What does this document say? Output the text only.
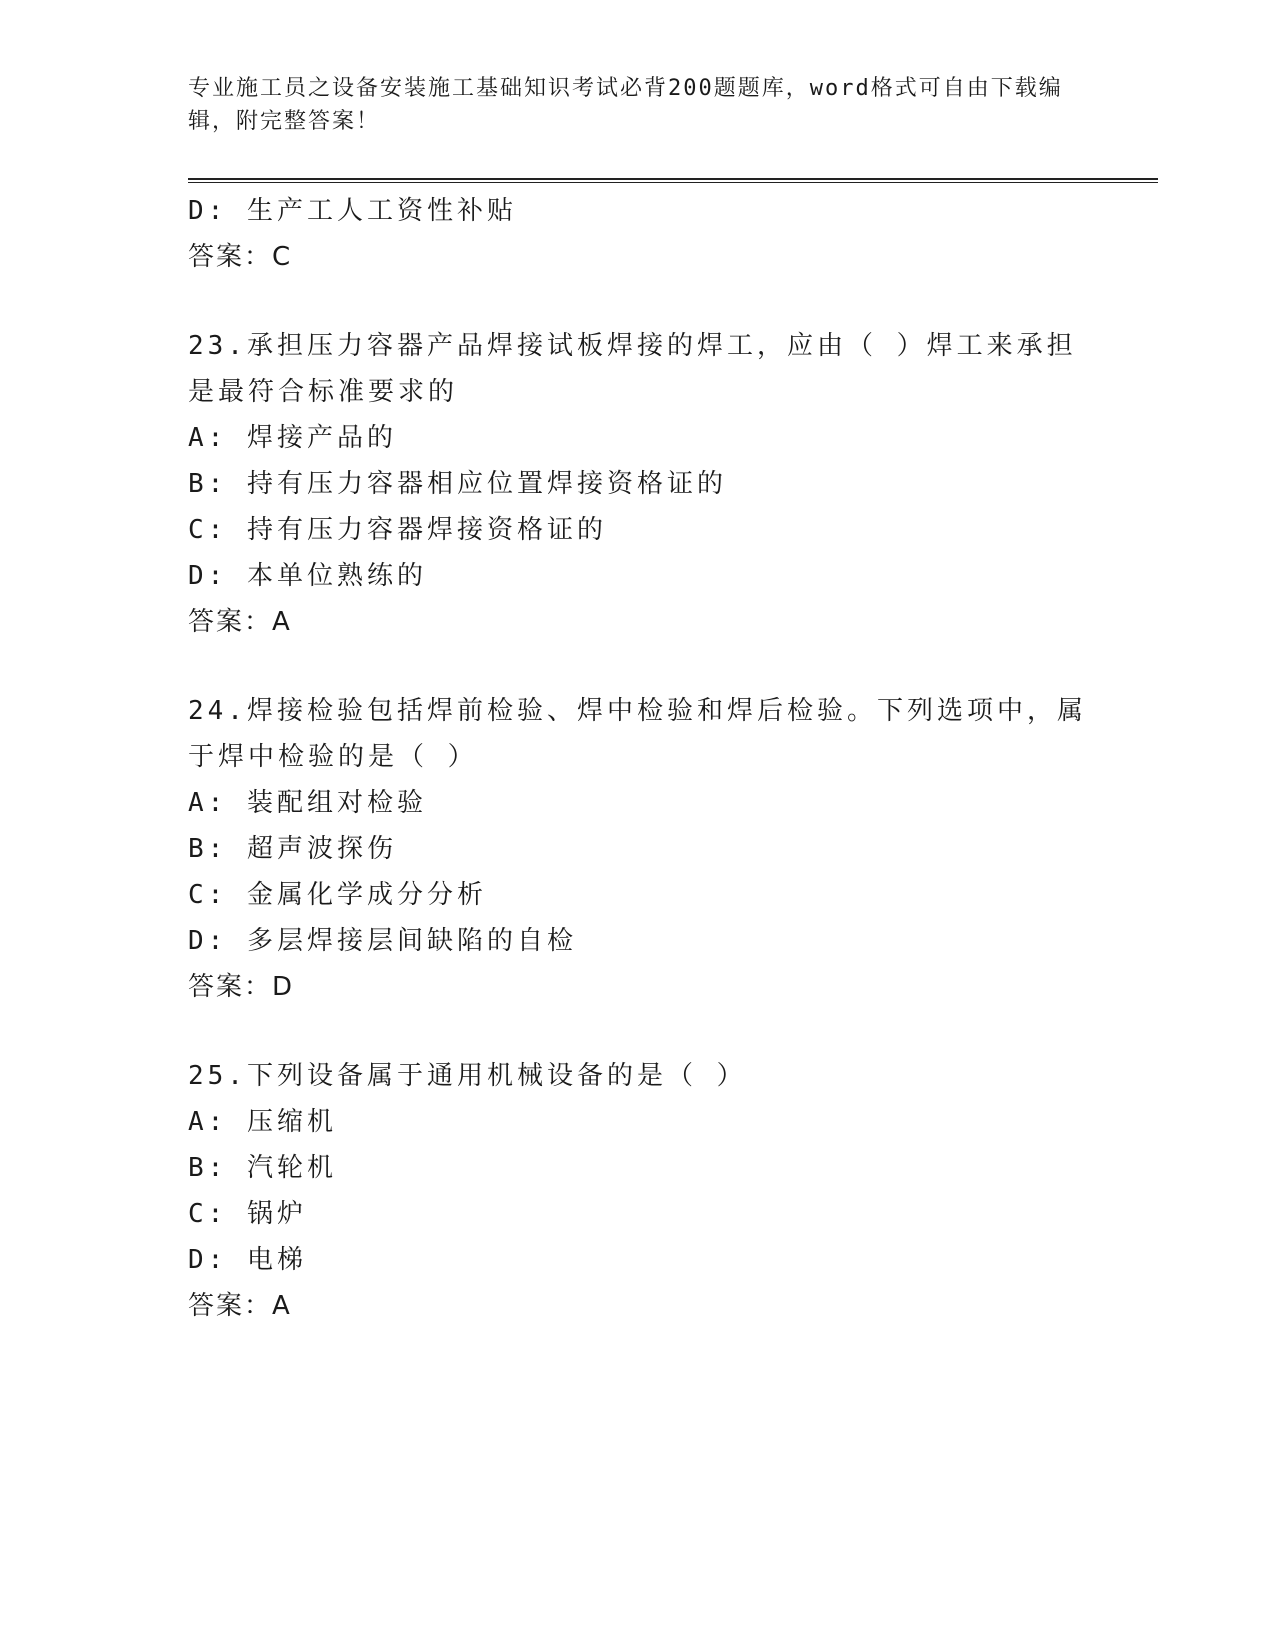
专业施工员之设备安装施工基础知识考试必背200题题库，word格式可自由下载编辑，附完整答案！
D: 生产工人工资性补贴
答案：C
23.承担压力容器产品焊接试板焊接的焊工，应由（ ）焊工来承担是最符合标准要求的
A: 焊接产品的
B: 持有压力容器相应位置焊接资格证的
C: 持有压力容器焊接资格证的
D: 本单位熟练的
答案：A
24.焊接检验包括焊前检验、焊中检验和焊后检验。下列选项中，属于焊中检验的是（ ）
A: 装配组对检验
B: 超声波探伤
C: 金属化学成分分析
D: 多层焊接层间缺陷的自检
答案：D
25.下列设备属于通用机械设备的是（ ）
A: 压缩机
B: 汽轮机
C: 锅炉
D: 电梯
答案：A
